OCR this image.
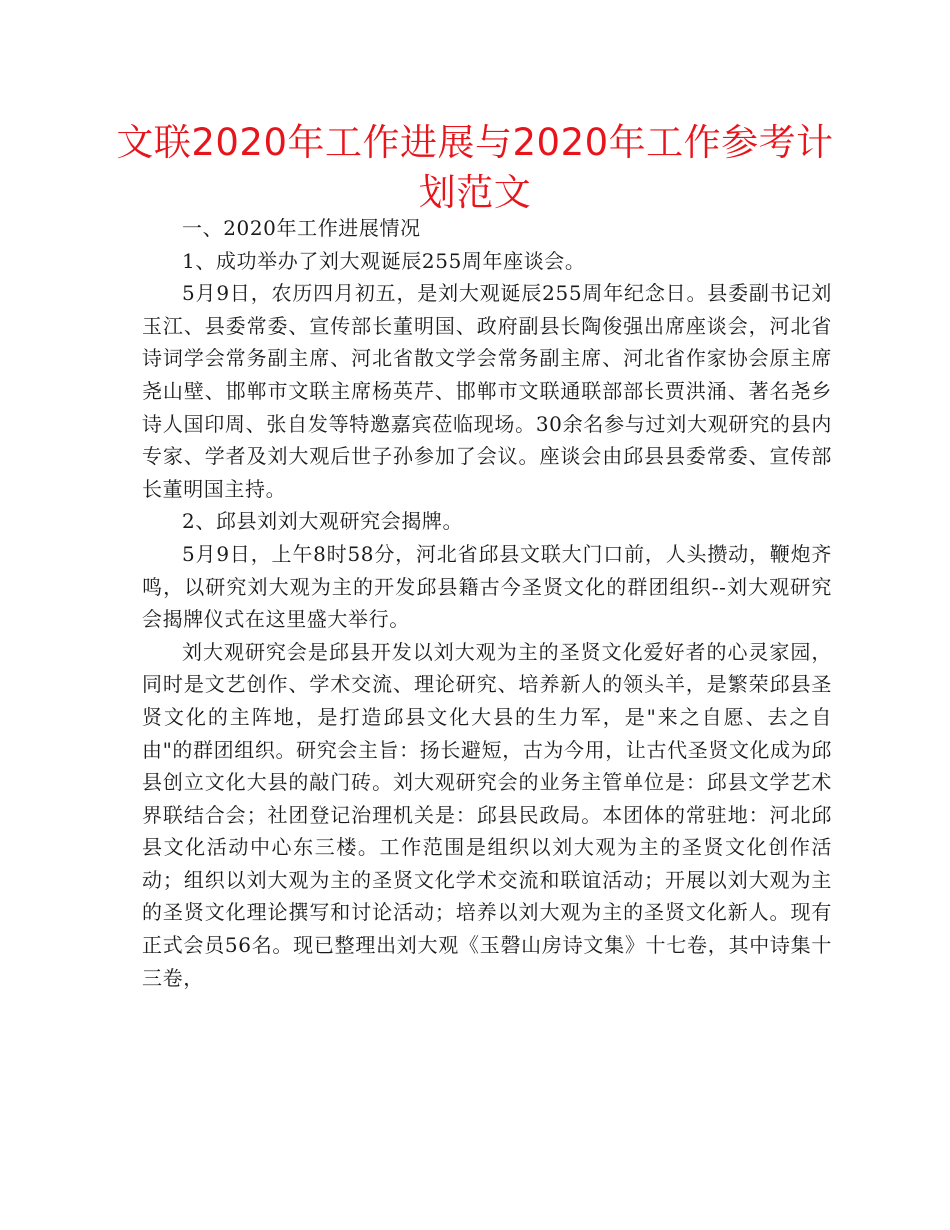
文联2020年工作进展与2020年工作参考计划范文

一、2020年工作进展情况

1、成功举办了刘大观诞辰255周年座谈会。

5月9日，农历四月初五，是刘大观诞辰255周年纪念日。县委副书记刘玉江、县委常委、宣传部长董明国、政府副县长陶俊强出席座谈会，河北省诗词学会常务副主席、河北省散文学会常务副主席、河北省作家协会原主席尧山壁、邯郸市文联主席杨英芹、邯郸市文联通联部部长贾洪涌、著名尧乡诗人国印周、张自发等特邀嘉宾莅临现场。30余名参与过刘大观研究的县内专家、学者及刘大观后世子孙参加了会议。座谈会由邱县县委常委、宣传部长董明国主持。

2、邱县刘刘大观研究会揭牌。

5月9日，上午8时58分，河北省邱县文联大门口前，人头攒动，鞭炮齐鸣，以研究刘大观为主的开发邱县籍古今圣贤文化的群团组织--刘大观研究会揭牌仪式在这里盛大举行。

刘大观研究会是邱县开发以刘大观为主的圣贤文化爱好者的心灵家园，同时是文艺创作、学术交流、理论研究、培养新人的领头羊，是繁荣邱县圣贤文化的主阵地，是打造邱县文化大县的生力军，是"来之自愿、去之自由"的群团组织。研究会主旨：扬长避短，古为今用，让古代圣贤文化成为邱县创立文化大县的敲门砖。刘大观研究会的业务主管单位是：邱县文学艺术界联结合会；社团登记治理机关是：邱县民政局。本团体的常驻地：河北邱县文化活动中心东三楼。工作范围是组织以刘大观为主的圣贤文化创作活动；组织以刘大观为主的圣贤文化学术交流和联谊活动；开展以刘大观为主的圣贤文化理论撰写和讨论活动；培养以刘大观为主的圣贤文化新人。现有正式会员56名。现已整理出刘大观《玉磬山房诗文集》十七卷，其中诗集十三卷，
